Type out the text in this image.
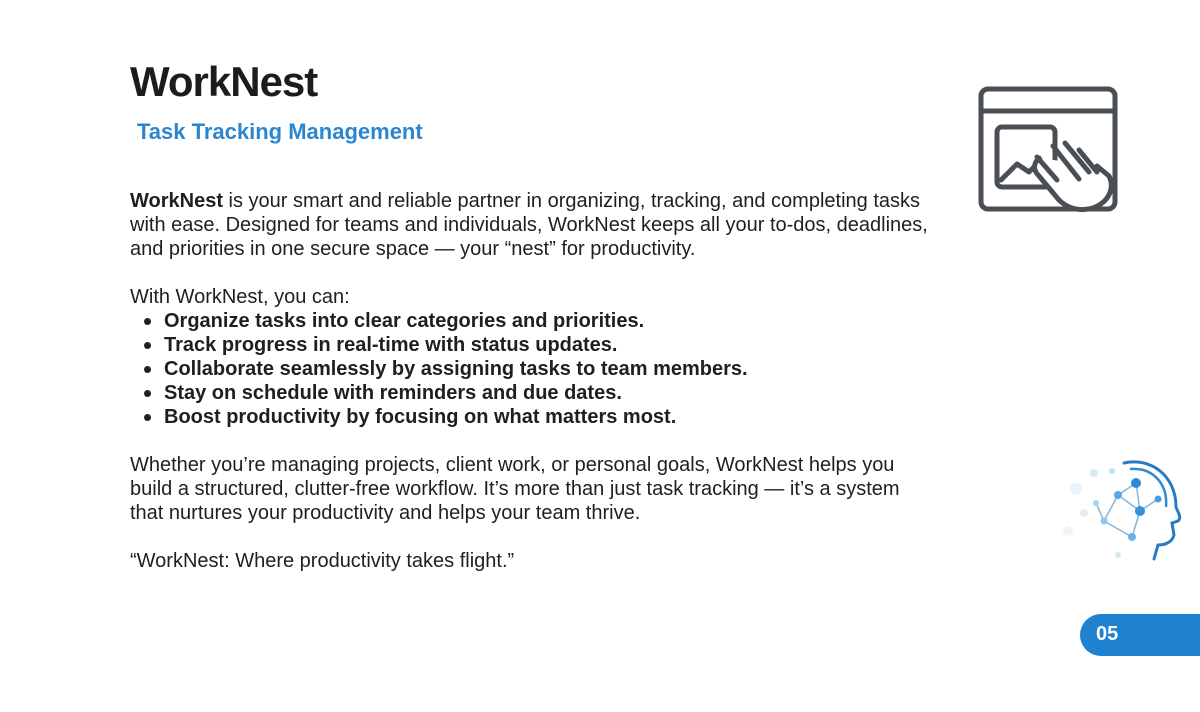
WorkNest
Task Tracking Management

WorkNest is your smart and reliable partner in organizing, tracking, and completing tasks with ease. Designed for teams and individuals, WorkNest keeps all your to-dos, deadlines, and priorities in one secure space — your “nest” for productivity.

With WorkNest, you can:

Organize tasks into clear categories and priorities.
Track progress in real-time with status updates.
Collaborate seamlessly by assigning tasks to team members.
Stay on schedule with reminders and due dates.
Boost productivity by focusing on what matters most.

Whether you’re managing projects, client work, or personal goals, WorkNest helps you build a structured, clutter-free workflow. It’s more than just task tracking — it’s a system that nurtures your productivity and helps your team thrive.

“WorkNest: Where productivity takes flight.”

05
